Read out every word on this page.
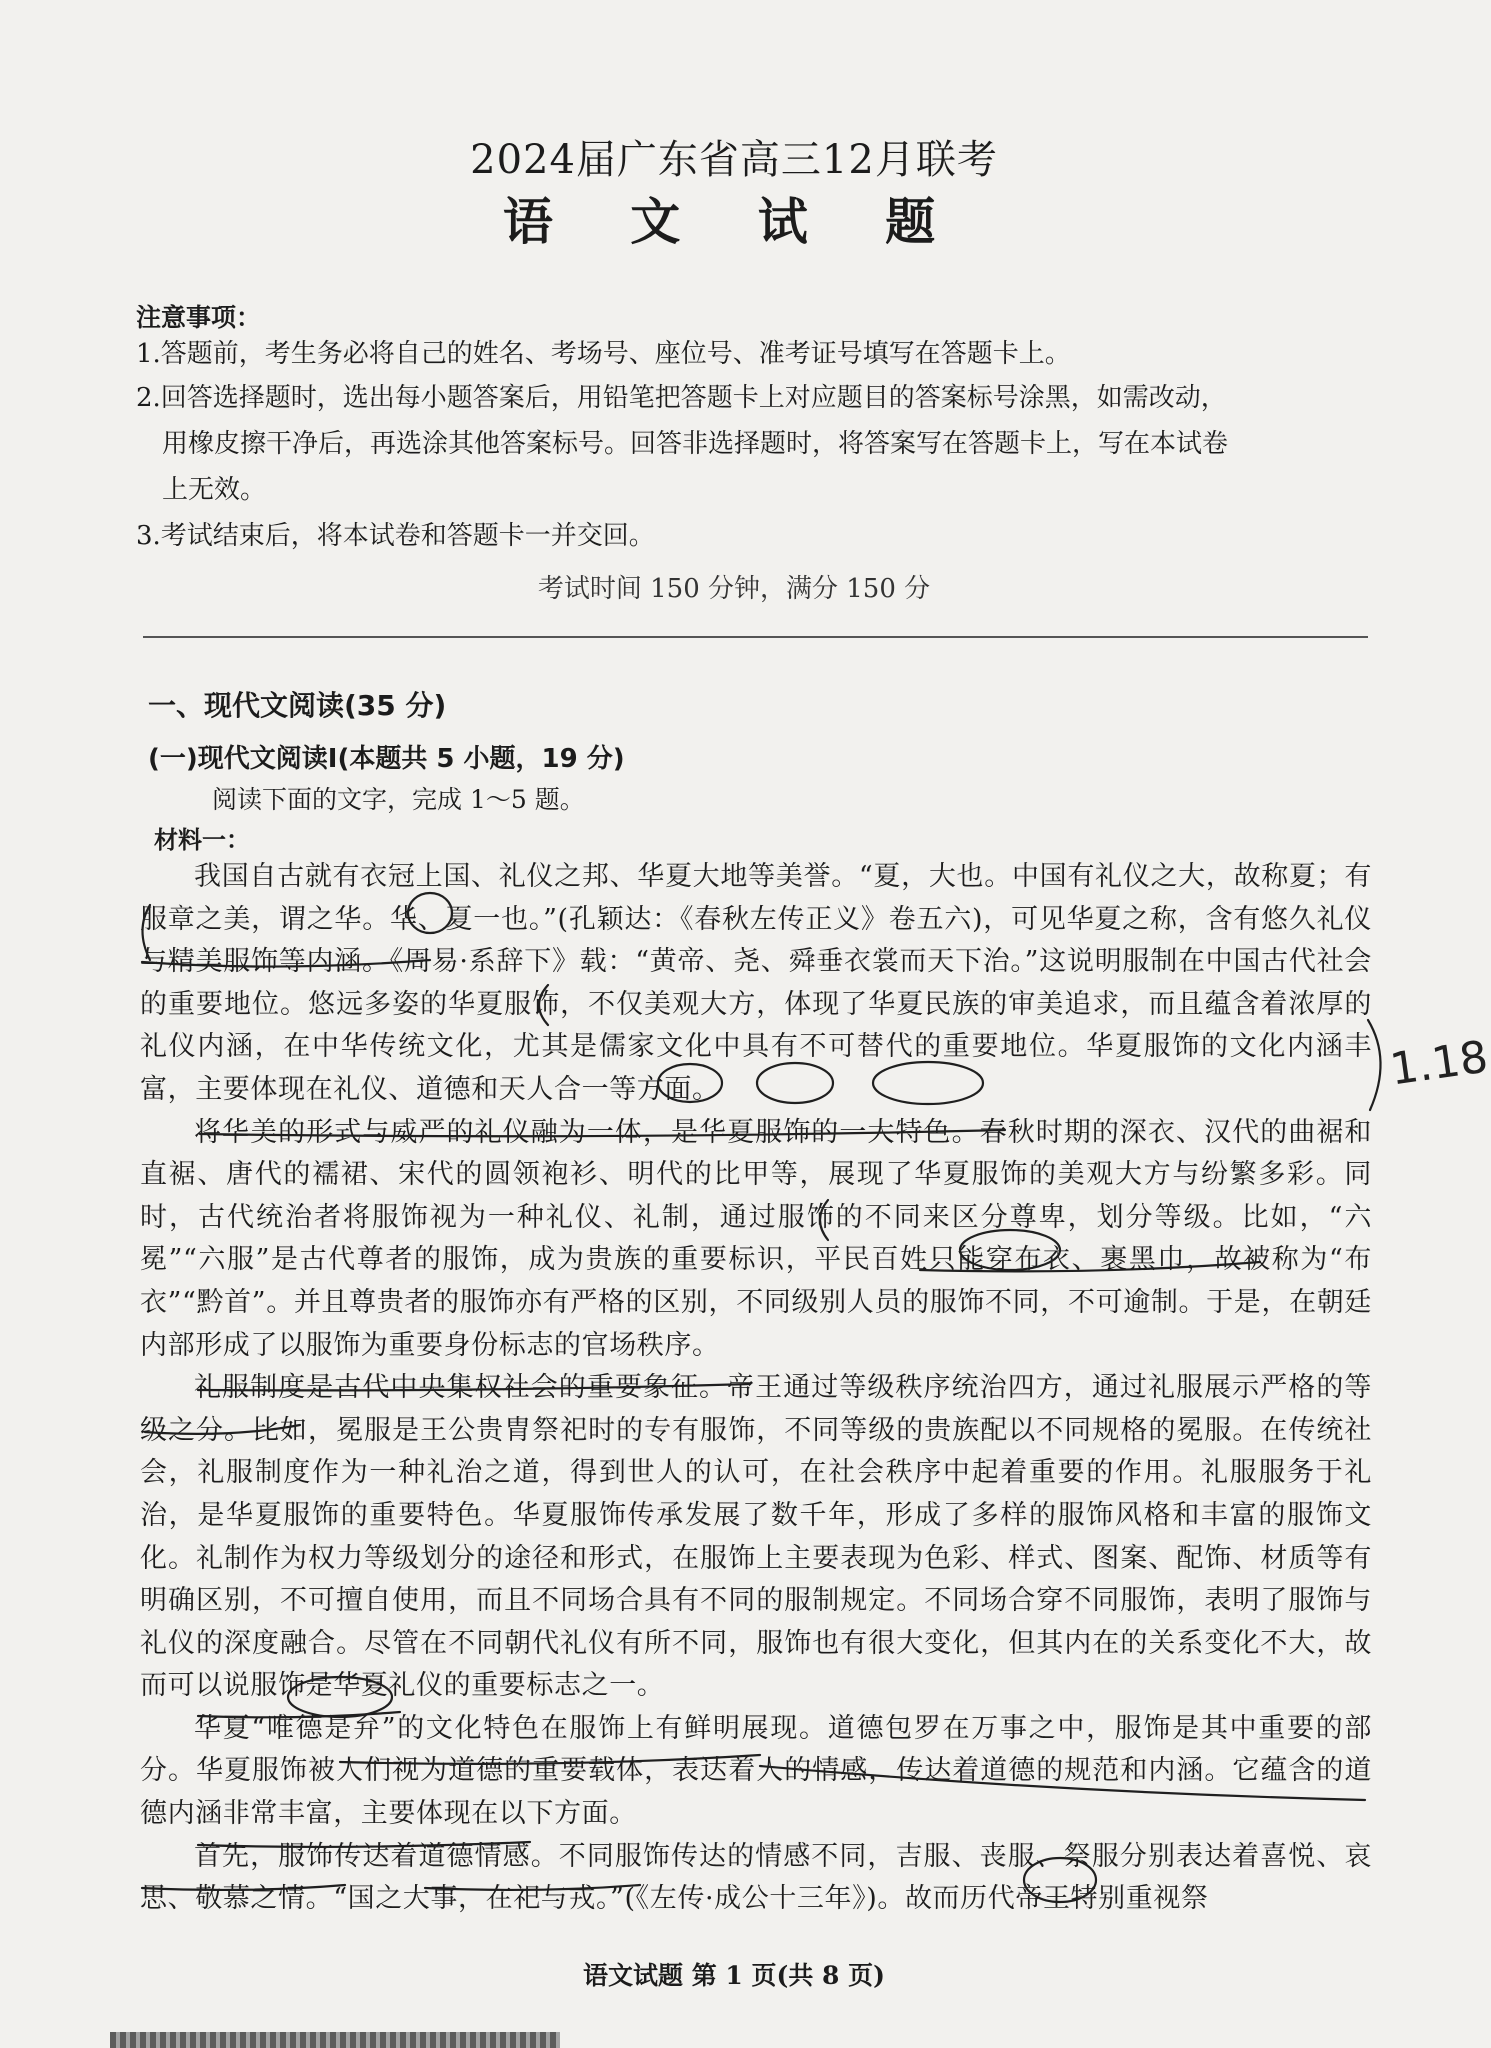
2024届广东省高三12月联考
语 文 试 题
注意事项：

1.答题前，考生务必将自己的姓名、考场号、座位号、准考证号填写在答题卡上。

2.回答选择题时，选出每小题答案后，用铅笔把答题卡上对应题目的答案标号涂黑，如需改动，

用橡皮擦干净后，再选涂其他答案标号。回答非选择题时，将答案写在答题卡上，写在本试卷

上无效。

3.考试结束后，将本试卷和答题卡一并交回。

考试时间 150 分钟，满分 150 分
一、现代文阅读(35 分)
(一)现代文阅读Ⅰ(本题共 5 小题，19 分)
阅读下面的文字，完成 1～5 题。
材料一：

我国自古就有衣冠上国、礼仪之邦、华夏大地等美誉。“夏，大也。中国有礼仪之大，故称夏；有服章之美，谓之华。华、夏一也。”(孔颖达：《春秋左传正义》卷五六)，可见华夏之称，含有悠久礼仪与精美服饰等内涵。《周易·系辞下》载：“黄帝、尧、舜垂衣裳而天下治。”这说明服制在中国古代社会的重要地位。悠远多姿的华夏服饰，不仅美观大方，体现了华夏民族的审美追求，而且蕴含着浓厚的礼仪内涵，在中华传统文化，尤其是儒家文化中具有不可替代的重要地位。华夏服饰的文化内涵丰富，主要体现在礼仪、道德和天人合一等方面。

将华美的形式与威严的礼仪融为一体，是华夏服饰的一大特色。春秋时期的深衣、汉代的曲裾和直裾、唐代的襦裙、宋代的圆领袍衫、明代的比甲等，展现了华夏服饰的美观大方与纷繁多彩。同时，古代统治者将服饰视为一种礼仪、礼制，通过服饰的不同来区分尊卑，划分等级。比如，“六冕”“六服”是古代尊者的服饰，成为贵族的重要标识，平民百姓只能穿布衣、裹黑巾，故被称为“布衣”“黔首”。并且尊贵者的服饰亦有严格的区别，不同级别人员的服饰不同，不可逾制。于是，在朝廷内部形成了以服饰为重要身份标志的官场秩序。

礼服制度是古代中央集权社会的重要象征。帝王通过等级秩序统治四方，通过礼服展示严格的等级之分。比如，冕服是王公贵胄祭祀时的专有服饰，不同等级的贵族配以不同规格的冕服。在传统社会，礼服制度作为一种礼治之道，得到世人的认可，在社会秩序中起着重要的作用。礼服服务于礼治，是华夏服饰的重要特色。华夏服饰传承发展了数千年，形成了多样的服饰风格和丰富的服饰文化。礼制作为权力等级划分的途径和形式，在服饰上主要表现为色彩、样式、图案、配饰、材质等有明确区别，不可擅自使用，而且不同场合具有不同的服制规定。不同场合穿不同服饰，表明了服饰与礼仪的深度融合。尽管在不同朝代礼仪有所不同，服饰也有很大变化，但其内在的关系变化不大，故而可以说服饰是华夏礼仪的重要标志之一。

华夏“唯德是弁”的文化特色在服饰上有鲜明展现。道德包罗在万事之中，服饰是其中重要的部分。华夏服饰被人们视为道德的重要载体，表达着人的情感，传达着道德的规范和内涵。它蕴含的道德内涵非常丰富，主要体现在以下方面。

首先，服饰传达着道德情感。不同服饰传达的情感不同，吉服、丧服、祭服分别表达着喜悦、哀思、敬慕之情。“国之大事，在祀与戎。”(《左传·成公十三年》)。故而历代帝王特别重视祭

1.18
语文试题 第 1 页(共 8 页)
